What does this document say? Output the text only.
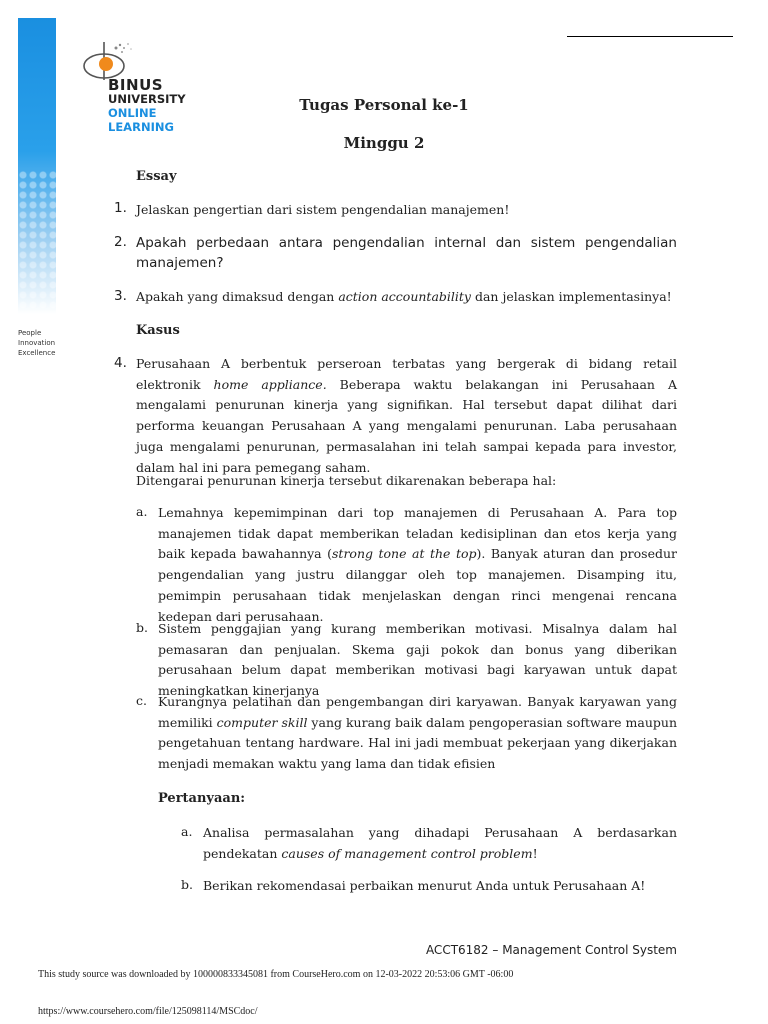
People
Innovation
Excellence
BINUS
UNIVERSITY
ONLINE
LEARNING
Tugas Personal ke-1
Minggu 2
Essay
1. Jelaskan pengertian dari sistem pengendalian manajemen!
2. Apakah perbedaan antara pengendalian internal dan sistem pengendalian manajemen?
3. Apakah yang dimaksud dengan action accountability dan jelaskan implementasinya!
Kasus
4. Perusahaan A berbentuk perseroan terbatas yang bergerak di bidang retail elektronik home appliance. Beberapa waktu belakangan ini Perusahaan A mengalami penurunan kinerja yang signifikan. Hal tersebut dapat dilihat dari performa keuangan Perusahaan A yang mengalami penurunan. Laba perusahaan juga mengalami penurunan, permasalahan ini telah sampai kepada para investor, dalam hal ini para pemegang saham.
Ditengarai penurunan kinerja tersebut dikarenakan beberapa hal:
a. Lemahnya kepemimpinan dari top manajemen di Perusahaan A. Para top manajemen tidak dapat memberikan teladan kedisiplinan dan etos kerja yang baik kepada bawahannya (strong tone at the top). Banyak aturan dan prosedur pengendalian yang justru dilanggar oleh top manajemen. Disamping itu, pemimpin perusahaan tidak menjelaskan dengan rinci mengenai rencana kedepan dari perusahaan.
b. Sistem penggajian yang kurang memberikan motivasi. Misalnya dalam hal pemasaran dan penjualan. Skema gaji pokok dan bonus yang diberikan perusahaan belum dapat memberikan motivasi bagi karyawan untuk dapat meningkatkan kinerjanya
c. Kurangnya pelatihan dan pengembangan diri karyawan. Banyak karyawan yang memiliki computer skill yang kurang baik dalam pengoperasian software maupun pengetahuan tentang hardware. Hal ini jadi membuat pekerjaan yang dikerjakan menjadi memakan waktu yang lama dan tidak efisien
Pertanyaan:
a. Analisa permasalahan yang dihadapi Perusahaan A berdasarkan pendekatan causes of management control problem!
b. Berikan rekomendasai perbaikan menurut Anda untuk Perusahaan A!
ACCT6182 – Management Control System
This study source was downloaded by 100000833345081 from CourseHero.com on 12-03-2022 20:53:06 GMT -06:00
https://www.coursehero.com/file/125098114/MSCdoc/
